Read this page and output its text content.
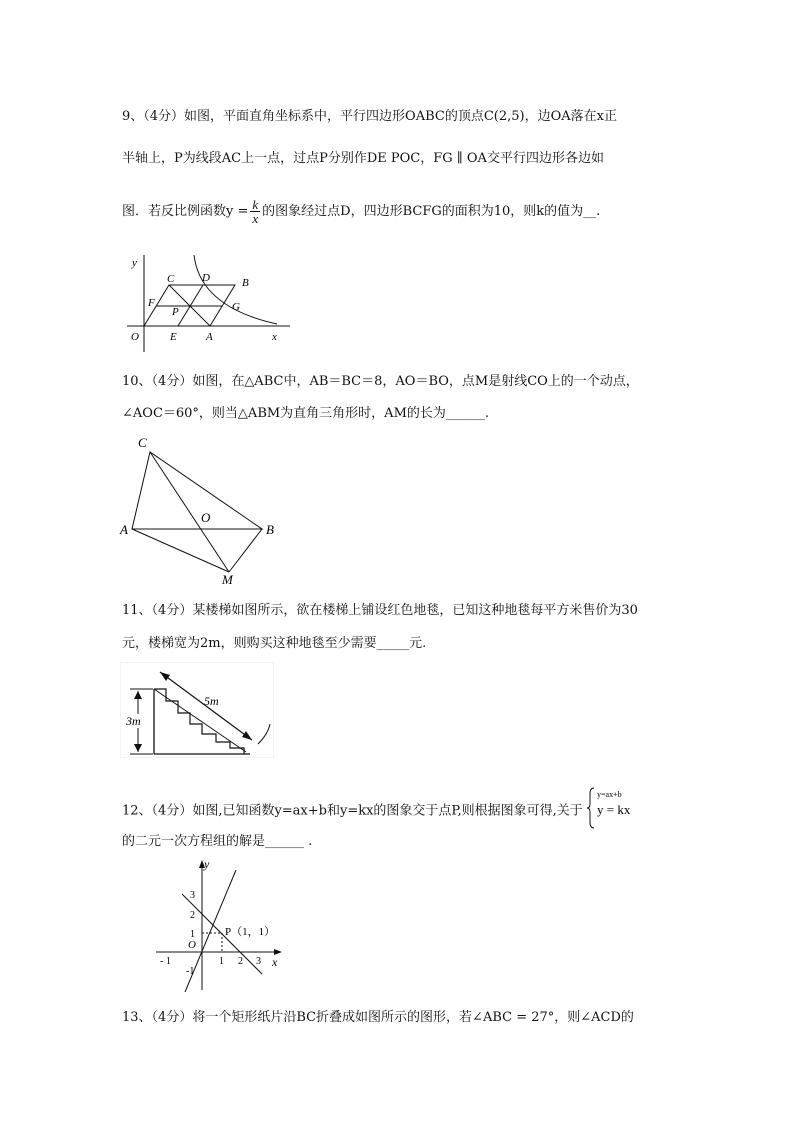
9、（4分）如图，平面直角坐标系中，平行四边形OABC的顶点C(2,5)，边OA落在x正
半轴上，P为线段AC上一点，过点P分别作DE POC，FG ∥ OA交平行四边形各边如
图．若反比例函数$y = \frac{k}{x}$ 的图象经过点D，四边形BCFG的面积为10，则k的值为__.
y
x
O
C	D	B
F
P	G
E	A
10、（4分）如图，在△ABC中，AB＝BC＝8，AO＝BO，点M是射线CO上的一个动点，
∠AOC＝60°，则当△ABM为直角三角形时，AM的长为______.
C
A
O
B
M
11、（4分）某楼梯如图所示，欲在楼梯上铺设红色地毯，已知这种地毯每平方米售价为30
元，楼梯宽为2m，则购买这种地毯至少需要_____元.
3m
5m
12、（4分）如图,已知函数y=ax+b和y=kx的图象交于点P,则根据图象可得,关于
y=ax+b
y = kx
的二元一次方程组的解是______ .
y
x
O
P（1，1）
3
2
1
-1
- 1	1 2 3
13、（4分）将一个矩形纸片沿BC折叠成如图所示的图形，若∠ABC = 27°，则∠ACD的
